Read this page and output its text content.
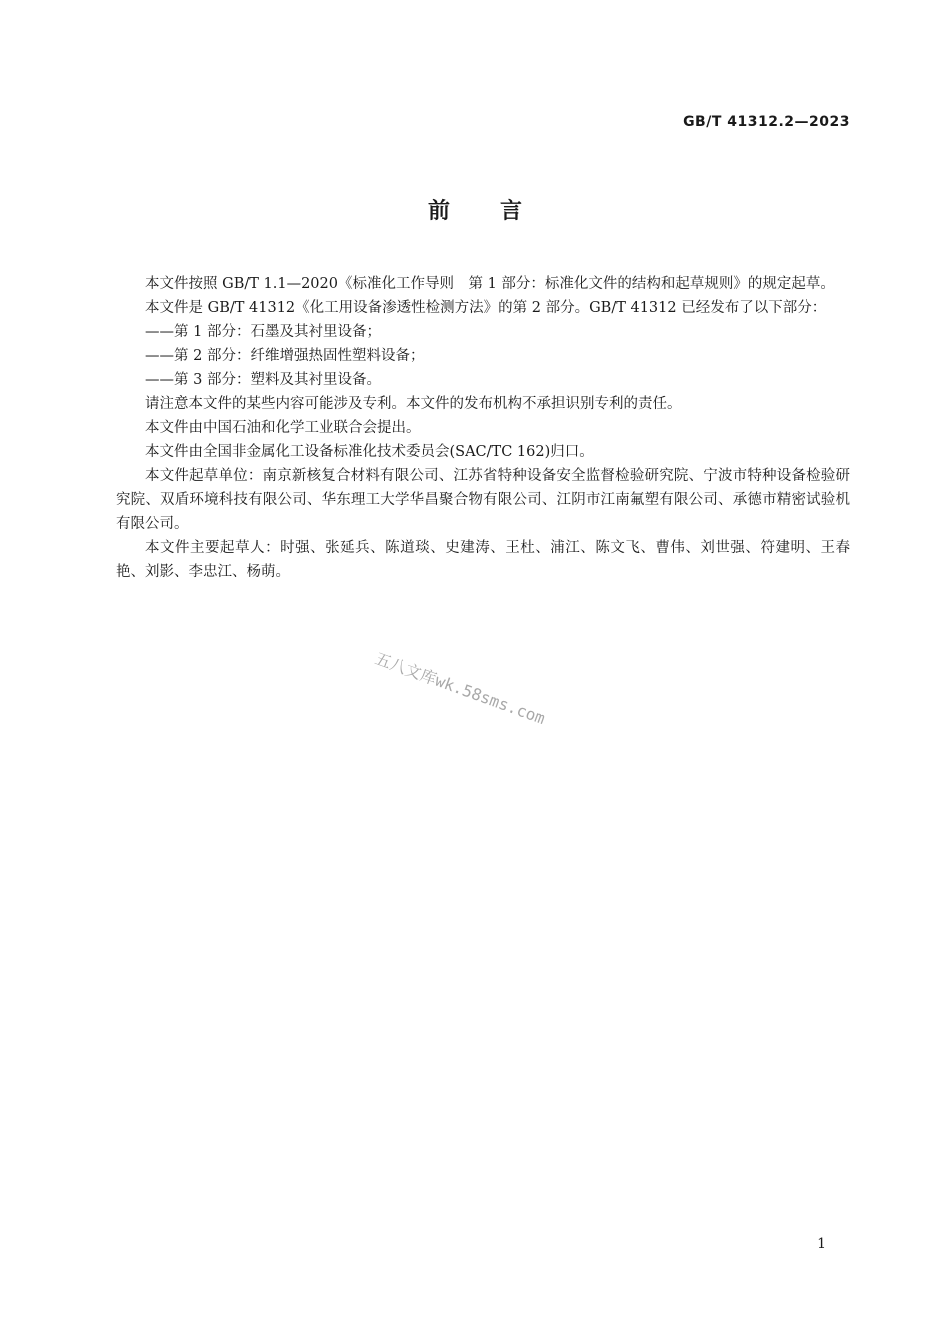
GB/T 41312.2—2023
前言

本文件按照 GB/T 1.1—2020《标准化工作导则　第 1 部分：标准化文件的结构和起草规则》的规定起草。

本文件是 GB/T 41312《化工用设备渗透性检测方法》的第 2 部分。GB/T 41312 已经发布了以下部分：

——第 1 部分：石墨及其衬里设备；

——第 2 部分：纤维增强热固性塑料设备；

——第 3 部分：塑料及其衬里设备。

请注意本文件的某些内容可能涉及专利。本文件的发布机构不承担识别专利的责任。

本文件由中国石油和化学工业联合会提出。

本文件由全国非金属化工设备标准化技术委员会(SAC/TC 162)归口。

本文件起草单位：南京新核复合材料有限公司、江苏省特种设备安全监督检验研究院、宁波市特种设备检验研究院、双盾环境科技有限公司、华东理工大学华昌聚合物有限公司、江阴市江南氟塑有限公司、承德市精密试验机有限公司。

本文件主要起草人：时强、张延兵、陈道琰、史建涛、王杜、浦江、陈文飞、曹伟、刘世强、符建明、王春艳、刘影、李忠江、杨萌。

五八文库wk.58sms.com
1
